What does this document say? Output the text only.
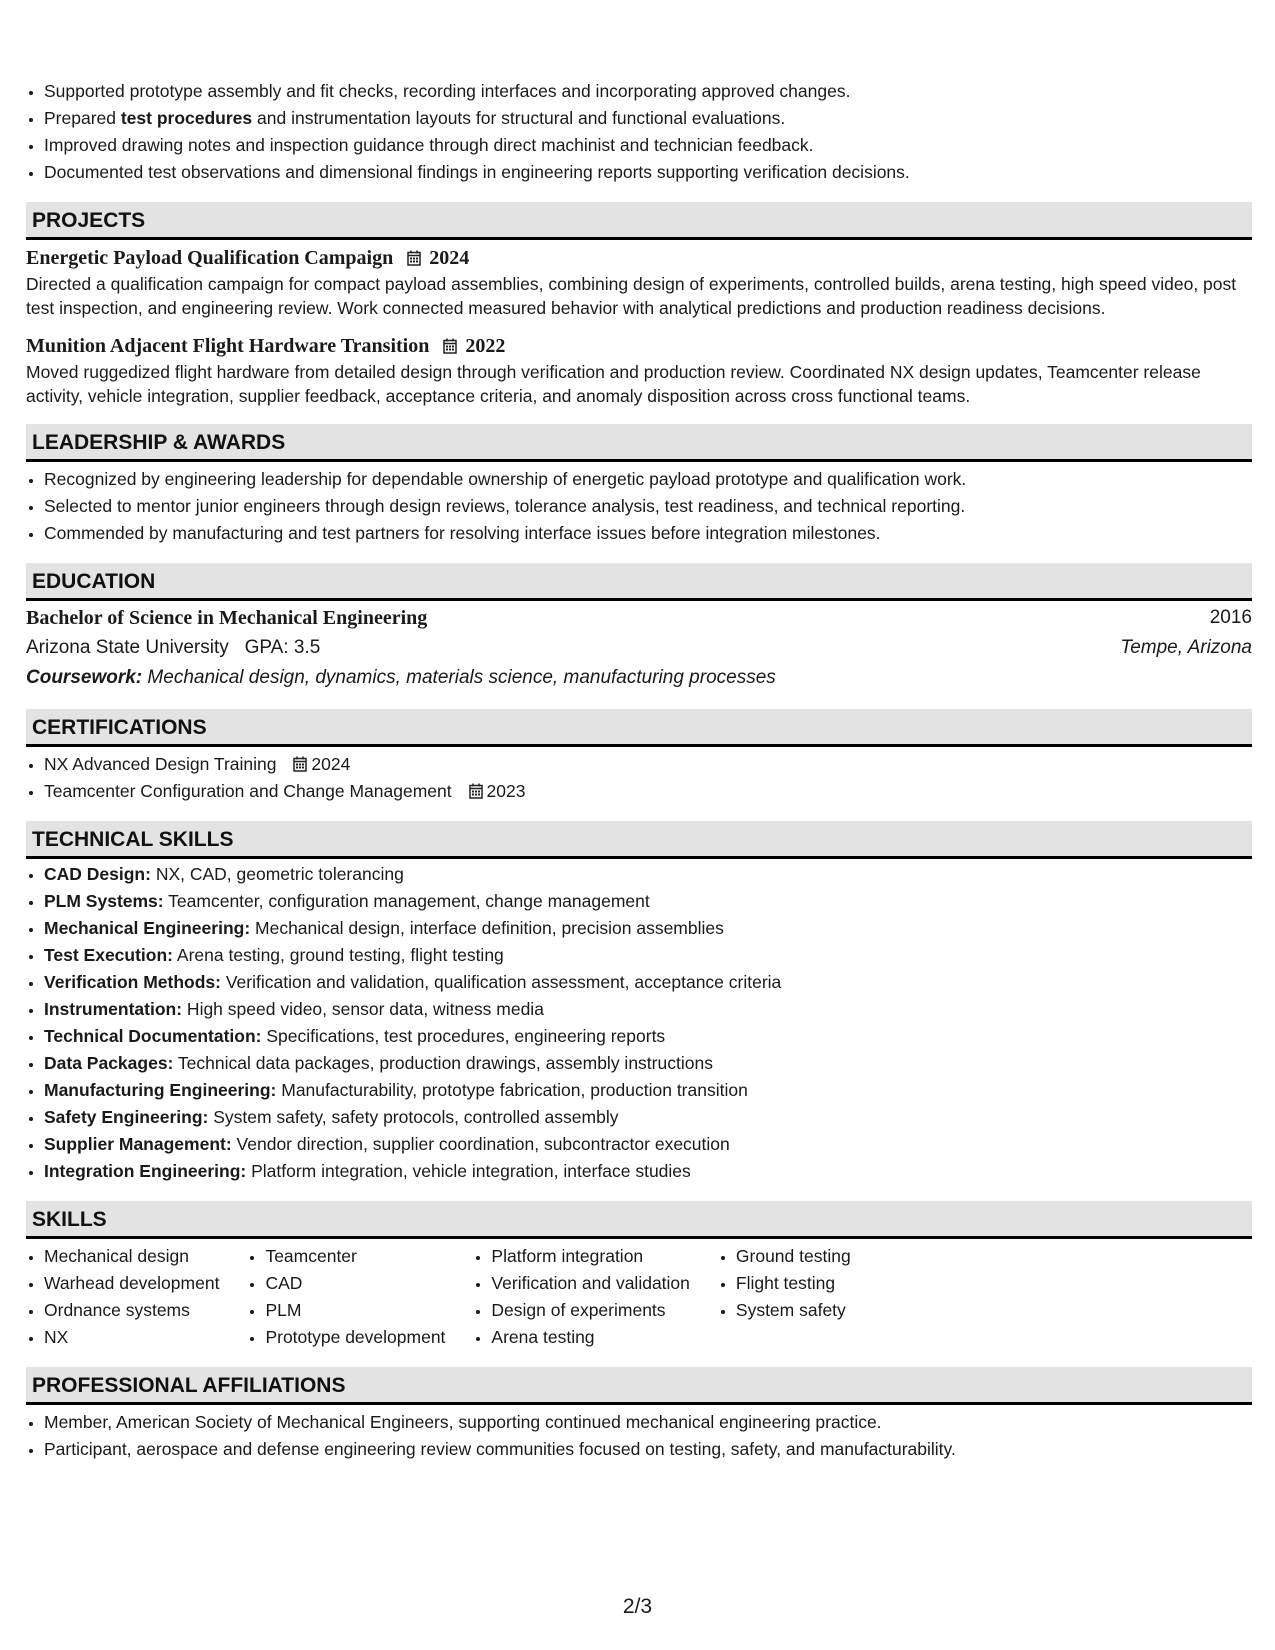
• Supported prototype assembly and fit checks, recording interfaces and incorporating approved changes.
• Prepared test procedures and instrumentation layouts for structural and functional evaluations.
• Improved drawing notes and inspection guidance through direct machinist and technician feedback.
• Documented test observations and dimensional findings in engineering reports supporting verification decisions.
PROJECTS
Energetic Payload Qualification Campaign 2024
Directed a qualification campaign for compact payload assemblies, combining design of experiments, controlled builds, arena testing, high speed video, post test inspection, and engineering review. Work connected measured behavior with analytical predictions and production readiness decisions.
Munition Adjacent Flight Hardware Transition 2022
Moved ruggedized flight hardware from detailed design through verification and production review. Coordinated NX design updates, Teamcenter release activity, vehicle integration, supplier feedback, acceptance criteria, and anomaly disposition across cross functional teams.
LEADERSHIP & AWARDS
• Recognized by engineering leadership for dependable ownership of energetic payload prototype and qualification work.
• Selected to mentor junior engineers through design reviews, tolerance analysis, test readiness, and technical reporting.
• Commended by manufacturing and test partners for resolving interface issues before integration milestones.
EDUCATION
Bachelor of Science in Mechanical Engineering	2016
Arizona State University GPA: 3.5	Tempe, Arizona
Coursework:
Mechanical design, dynamics, materials science, manufacturing processes
CERTIFICATIONS
• NX Advanced Design Training 2024
• Teamcenter Configuration and Change Management 2023
TECHNICAL SKILLS
• CAD Design: NX, CAD, geometric tolerancing
• PLM Systems: Teamcenter, configuration management, change management
• Mechanical Engineering: Mechanical design, interface definition, precision assemblies
• Test Execution: Arena testing, ground testing, flight testing
• Verification Methods: Verification and validation, qualification assessment, acceptance criteria
• Instrumentation: High speed video, sensor data, witness media
• Technical Documentation: Specifications, test procedures, engineering reports
• Data Packages: Technical data packages, production drawings, assembly instructions
• Manufacturing Engineering: Manufacturability, prototype fabrication, production transition
• Safety Engineering: System safety, safety protocols, controlled assembly
• Supplier Management: Vendor direction, supplier coordination, subcontractor execution
• Integration Engineering: Platform integration, vehicle integration, interface studies
SKILLS
• Mechanical design
• Warhead development
• Ordnance systems
• NX
• Teamcenter
• CAD
• PLM
• Prototype development
• Platform integration
• Verification and validation
• Design of experiments
• Arena testing
• Ground testing
• Flight testing
• System safety
PROFESSIONAL AFFILIATIONS
• Member, American Society of Mechanical Engineers, supporting continued mechanical engineering practice.
• Participant, aerospace and defense engineering review communities focused on testing, safety, and manufacturability.
2/3
